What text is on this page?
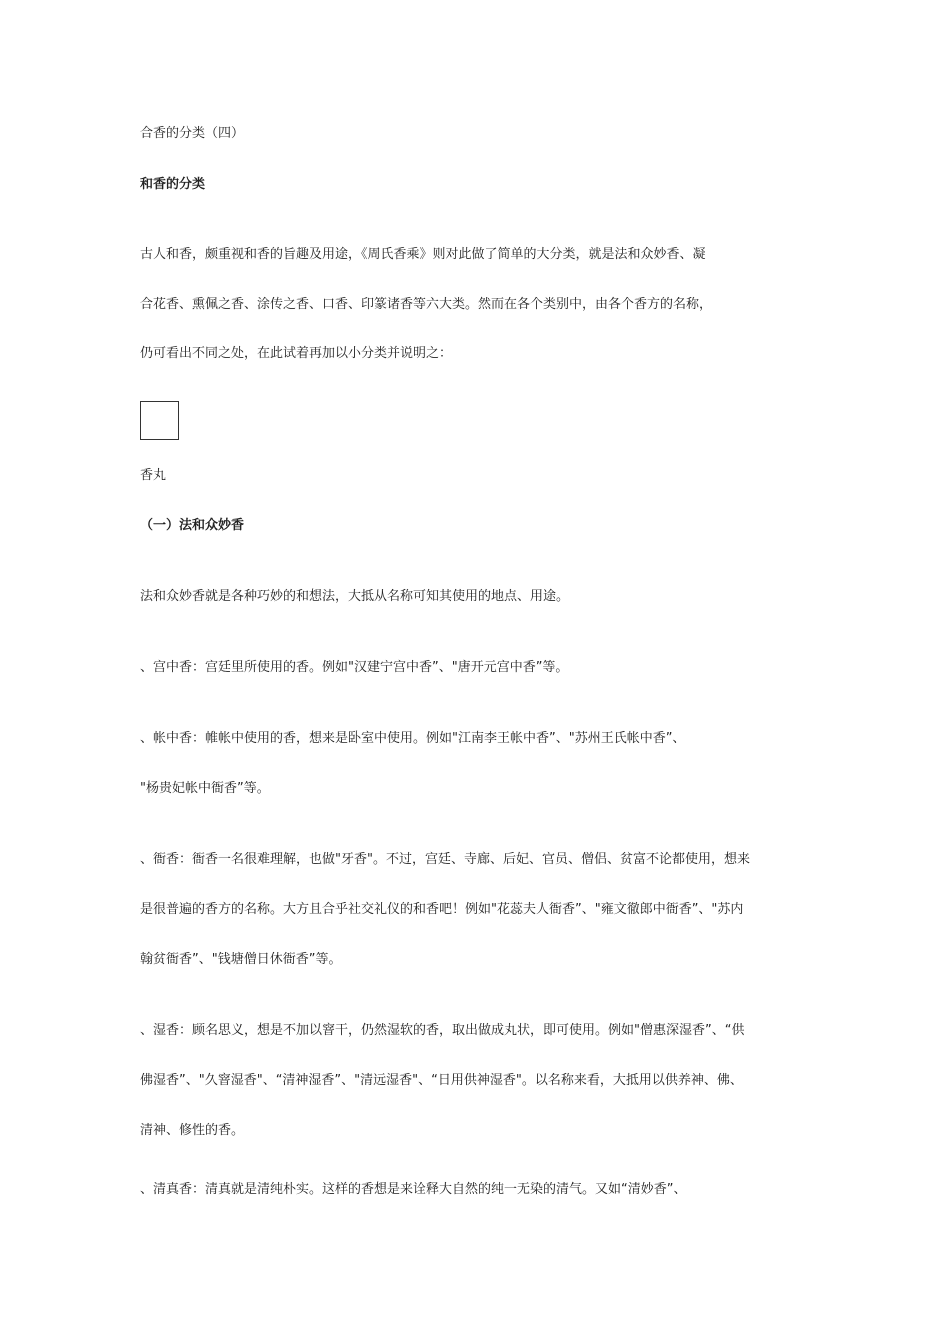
合香的分类（四）
和香的分类
古人和香，颇重视和香的旨趣及用途，《周氏香乘》则对此做了简单的大分类，就是法和众妙香、凝
合花香、熏佩之香、涂传之香、口香、印篆诸香等六大类。然而在各个类别中，由各个香方的名称，
仍可看出不同之处，在此试着再加以小分类并说明之：
香丸
（一）法和众妙香
法和众妙香就是各种巧妙的和想法，大抵从名称可知其使用的地点、用途。
、宫中香：宫廷里所使用的香。例如"汉建宁宫中香”、"唐开元宫中香”等。
、帐中香：帷帐中使用的香，想来是卧室中使用。例如"江南李王帐中香”、"苏州王氏帐中香”、
"杨贵妃帐中衙香”等。
、衙香：衙香一名很难理解，也做"牙香"。不过，宫廷、寺廊、后妃、官员、僧侣、贫富不论都使用，想来
是很普遍的香方的名称。大方且合乎社交礼仪的和香吧！例如"花蕊夫人衙香”、"雍文徹郎中衙香”、"苏内
翰贫衙香”、"钱塘僧日休衙香”等。
、湿香：顾名思义，想是不加以窨干，仍然湿软的香，取出做成丸状，即可使用。例如"僧惠深湿香”、“供
佛湿香”、"久窨湿香"、“清神湿香”、"清远湿香"、“日用供神湿香"。以名称来看，大抵用以供养神、佛、
清神、修性的香。
、清真香：清真就是清纯朴实。这样的香想是来诠释大自然的纯一无染的清气。又如“清妙香”、
